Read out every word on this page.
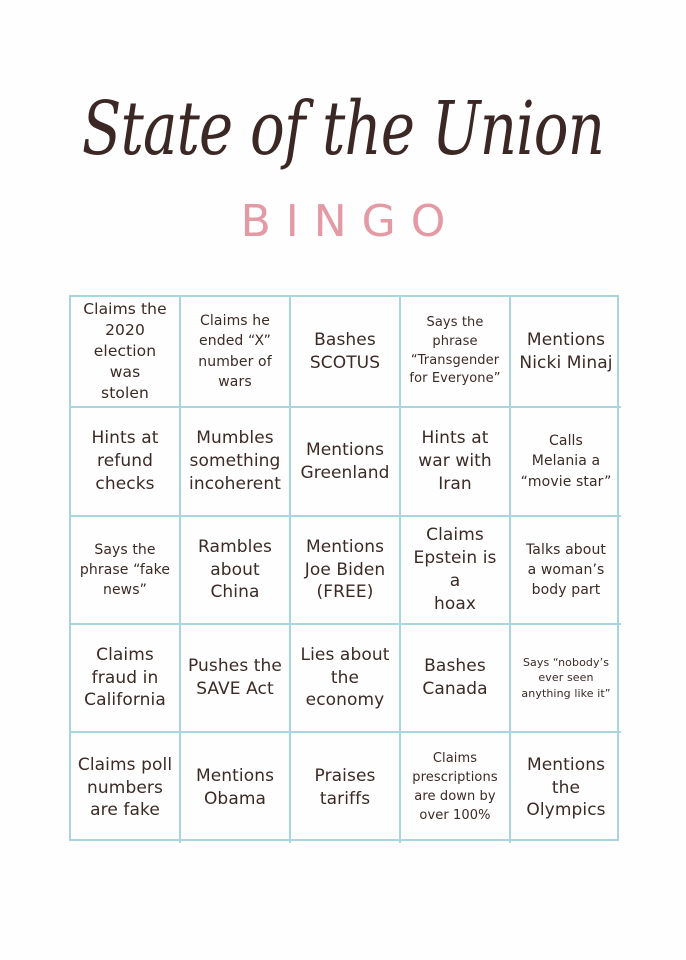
State of the Union
BINGO
Claims the
2020
election was
stolen
Claims he
ended “X”
number of
wars
Bashes
SCOTUS
Says the
phrase
“Transgender
for Everyone”
Mentions
Nicki Minaj
Hints at
refund
checks
Mumbles
something
incoherent
Mentions
Greenland
Hints at
war with
Iran
Calls
Melania a
“movie star”
Says the
phrase “fake
news”
Rambles
about
China
Mentions
Joe Biden
(FREE)
Claims
Epstein is a
hoax
Talks about
a woman’s
body part
Claims
fraud in
California
Pushes the
SAVE Act
Lies about
the
economy
Bashes
Canada
Says “nobody’s
ever seen
anything like it”
Claims poll
numbers
are fake
Mentions
Obama
Praises
tariffs
Claims
prescriptions
are down by
over 100%
Mentions
the
Olympics
